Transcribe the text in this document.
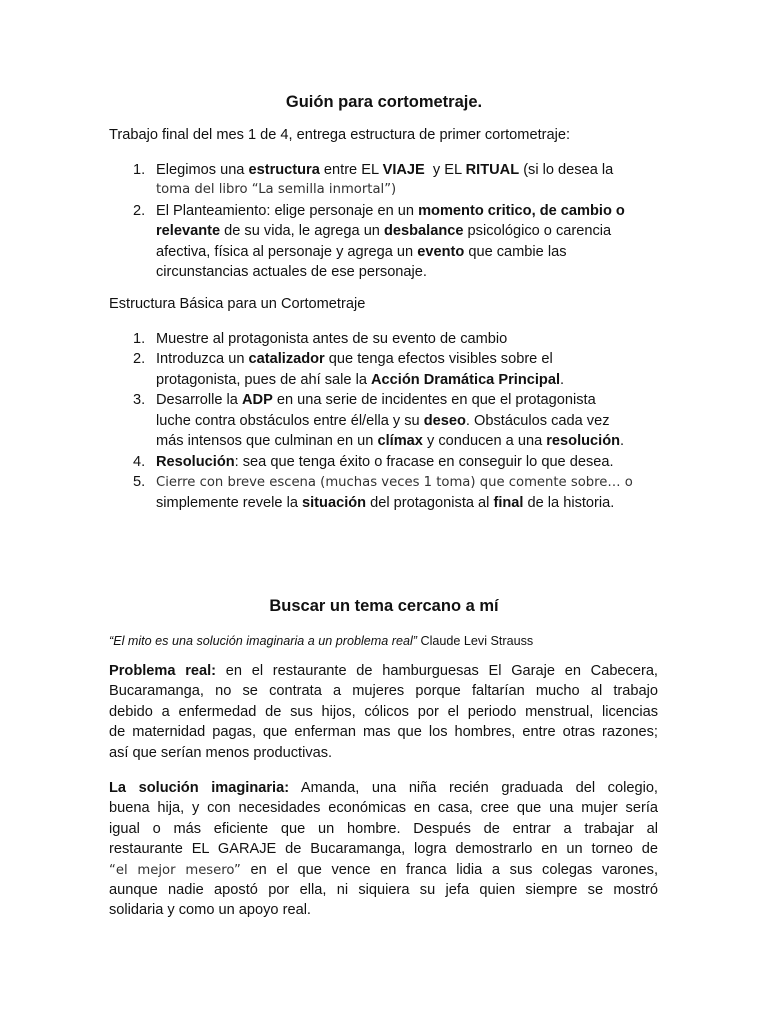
Guión para cortometraje.
Trabajo final del mes 1 de 4, entrega estructura de primer cortometraje:
1. Elegimos una estructura entre EL VIAJE  y EL RITUAL (si lo desea la
toma del libro “La semilla inmortal”)
2. El Planteamiento: elige personaje en un momento critico, de cambio o
relevante de su vida, le agrega un desbalance psicológico o carencia
afectiva, física al personaje y agrega un evento que cambie las
circunstancias actuales de ese personaje.
Estructura Básica para un Cortometraje
1. Muestre al protagonista antes de su evento de cambio
2. Introduzca un catalizador que tenga efectos visibles sobre el
protagonista, pues de ahí sale la Acción Dramática Principal.
3. Desarrolle la ADP en una serie de incidentes en que el protagonista
luche contra obstáculos entre él/ella y su deseo. Obstáculos cada vez
más intensos que culminan en un clímax y conducen a una resolución.
4. Resolución: sea que tenga éxito o fracase en conseguir lo que desea.
5. Cierre con breve escena (muchas veces 1 toma) que comente sobre… o
simplemente revele la situación del protagonista al final de la historia.
Buscar un tema cercano a mí
“El mito es una solución imaginaria a un problema real” Claude Levi Strauss
Problema real: en el restaurante de hamburguesas El Garaje en Cabecera,
Bucaramanga, no se contrata a mujeres porque faltarían mucho al trabajo
debido a enfermedad de sus hijos, cólicos por el periodo menstrual, licencias
de maternidad pagas, que enferman mas que los hombres, entre otras razones;
así que serían menos productivas.
La solución imaginaria: Amanda, una niña recién graduada del colegio,
buena hija, y con necesidades económicas en casa, cree que una mujer sería
igual o más eficiente que un hombre. Después de entrar a trabajar al
restaurante EL GARAJE de Bucaramanga, logra demostrarlo en un torneo de
“el mejor mesero” en el que vence en franca lidia a sus colegas varones,
aunque nadie apostó por ella, ni siquiera su jefa quien siempre se mostró
solidaria y como un apoyo real.
